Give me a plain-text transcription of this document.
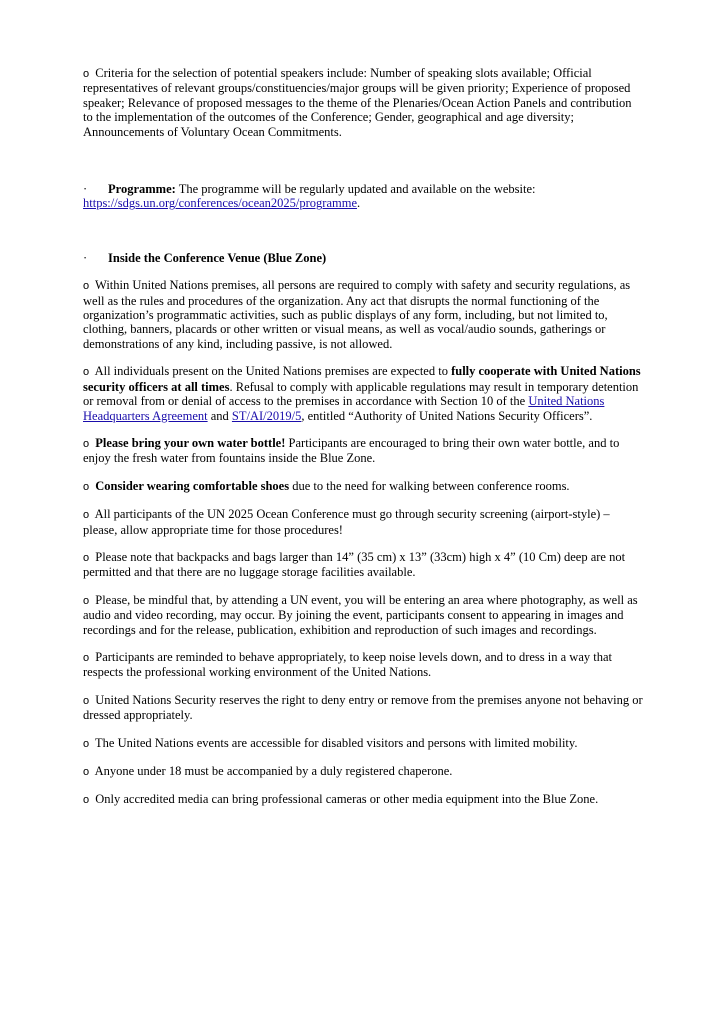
o Criteria for the selection of potential speakers include: Number of speaking slots available; Official representatives of relevant groups/constituencies/major groups will be given priority; Experience of proposed speaker; Relevance of proposed messages to the theme of the Plenaries/Ocean Action Panels and contribution to the implementation of the outcomes of the Conference; Gender, geographical and age diversity; Announcements of Voluntary Ocean Commitments.

· Programme: The programme will be regularly updated and available on the website: https://sdgs.un.org/conferences/ocean2025/programme.

· Inside the Conference Venue (Blue Zone)

o Within United Nations premises, all persons are required to comply with safety and security regulations, as well as the rules and procedures of the organization. Any act that disrupts the normal functioning of the organization’s programmatic activities, such as public displays of any form, including, but not limited to, clothing, banners, placards or other written or visual means, as well as vocal/audio sounds, gatherings or demonstrations of any kind, including passive, is not allowed.

o All individuals present on the United Nations premises are expected to fully cooperate with United Nations security officers at all times. Refusal to comply with applicable regulations may result in temporary detention or removal from or denial of access to the premises in accordance with Section 10 of the United Nations Headquarters Agreement and ST/AI/2019/5, entitled “Authority of United Nations Security Officers”.

o Please bring your own water bottle! Participants are encouraged to bring their own water bottle, and to enjoy the fresh water from fountains inside the Blue Zone.

o Consider wearing comfortable shoes due to the need for walking between conference rooms.

o All participants of the UN 2025 Ocean Conference must go through security screening (airport-style) – please, allow appropriate time for those procedures!

o Please note that backpacks and bags larger than 14” (35 cm) x 13” (33cm) high x 4” (10 Cm) deep are not permitted and that there are no luggage storage facilities available.

o Please, be mindful that, by attending a UN event, you will be entering an area where photography, as well as audio and video recording, may occur. By joining the event, participants consent to appearing in images and recordings and for the release, publication, exhibition and reproduction of such images and recordings.

o Participants are reminded to behave appropriately, to keep noise levels down, and to dress in a way that respects the professional working environment of the United Nations.

o United Nations Security reserves the right to deny entry or remove from the premises anyone not behaving or dressed appropriately.

o The United Nations events are accessible for disabled visitors and persons with limited mobility.

o Anyone under 18 must be accompanied by a duly registered chaperone.

o Only accredited media can bring professional cameras or other media equipment into the Blue Zone.
